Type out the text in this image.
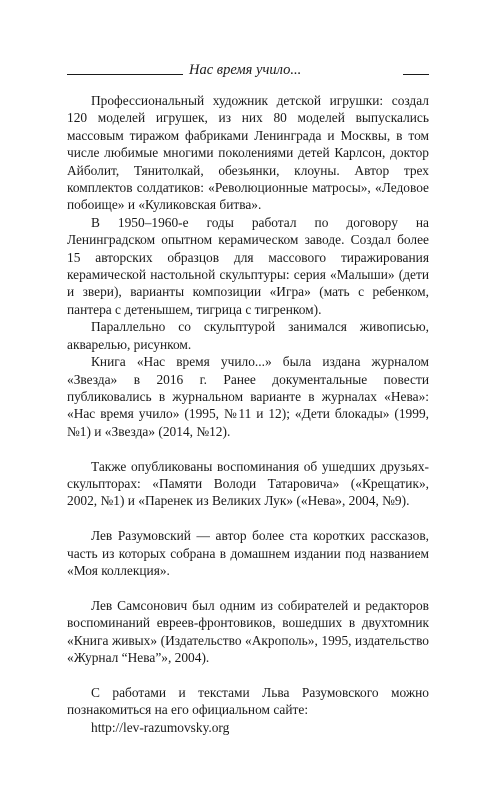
Нас время учило...

Профессиональный художник детской игрушки: создал 120 моделей игрушек, из них 80 моделей выпускались массовым тиражом фабриками Ленинграда и Москвы, в том числе любимые многими поколениями детей Карлсон, доктор Айболит, Тянитолкай, обезьянки, клоуны. Автор трех комплектов солдатиков: «Революционные матросы», «Ледовое побоище» и «Куликовская битва».

В 1950–1960-е годы работал по договору на Ленинградском опытном керамическом заводе. Создал более 15 авторских образцов для массового тиражирования керамической настольной скульптуры: серия «Малыши» (дети и звери), варианты композиции «Игра» (мать с ребенком, пантера с детенышем, тигрица с тигренком).

Параллельно со скульптурой занимался живописью, акварелью, рисунком.

Книга «Нас время учило...» была издана журналом «Звезда» в 2016 г. Ранее документальные повести публиковались в журнальном варианте в журналах «Нева»: «Нас время учило» (1995, №11 и 12); «Дети блокады» (1999, №1) и «Звезда» (2014, №12).

Также опубликованы воспоминания об ушедших друзьях-скульпторах: «Памяти Володи Татаровича» («Крещатик», 2002, №1) и «Паренек из Великих Лук» («Нева», 2004, №9).

Лев Разумовский — автор более ста коротких рассказов, часть из которых собрана в домашнем издании под названием «Моя коллекция».

Лев Самсонович был одним из собирателей и редакторов воспоминаний евреев-фронтовиков, вошедших в двухтомник «Книга живых» (Издательство «Акрополь», 1995, издательство «Журнал “Нева”», 2004).

С работами и текстами Льва Разумовского можно познакомиться на его официальном сайте:

http://lev-razumovsky.org
